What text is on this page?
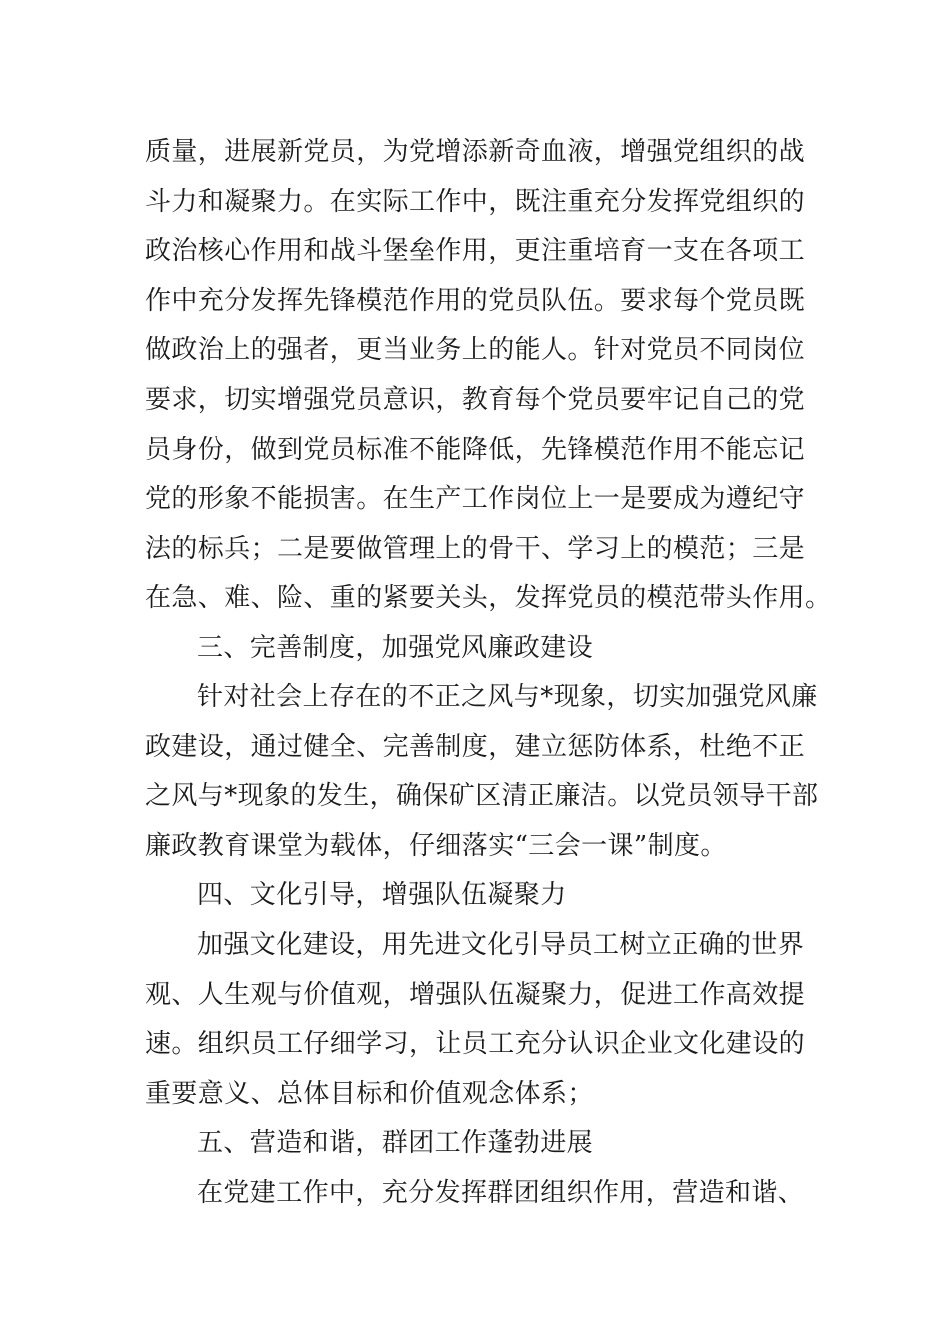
质量，进展新党员，为党增添新奇血液，增强党组织的战
斗力和凝聚力。在实际工作中，既注重充分发挥党组织的
政治核心作用和战斗堡垒作用，更注重培育一支在各项工
作中充分发挥先锋模范作用的党员队伍。要求每个党员既
做政治上的强者，更当业务上的能人。针对党员不同岗位
要求，切实增强党员意识，教育每个党员要牢记自己的党
员身份，做到党员标准不能降低，先锋模范作用不能忘记
党的形象不能损害。在生产工作岗位上一是要成为遵纪守
法的标兵；二是要做管理上的骨干、学习上的模范；三是
在急、难、险、重的紧要关头，发挥党员的模范带头作用。
三、完善制度，加强党风廉政建设
针对社会上存在的不正之风与*现象，切实加强党风廉
政建设，通过健全、完善制度，建立惩防体系，杜绝不正
之风与*现象的发生，确保矿区清正廉洁。以党员领导干部
廉政教育课堂为载体，仔细落实“三会一课”制度。
四、文化引导，增强队伍凝聚力
加强文化建设，用先进文化引导员工树立正确的世界
观、人生观与价值观，增强队伍凝聚力，促进工作高效提
速。组织员工仔细学习，让员工充分认识企业文化建设的
重要意义、总体目标和价值观念体系；
五、营造和谐，群团工作蓬勃进展
在党建工作中，充分发挥群团组织作用，营造和谐、
